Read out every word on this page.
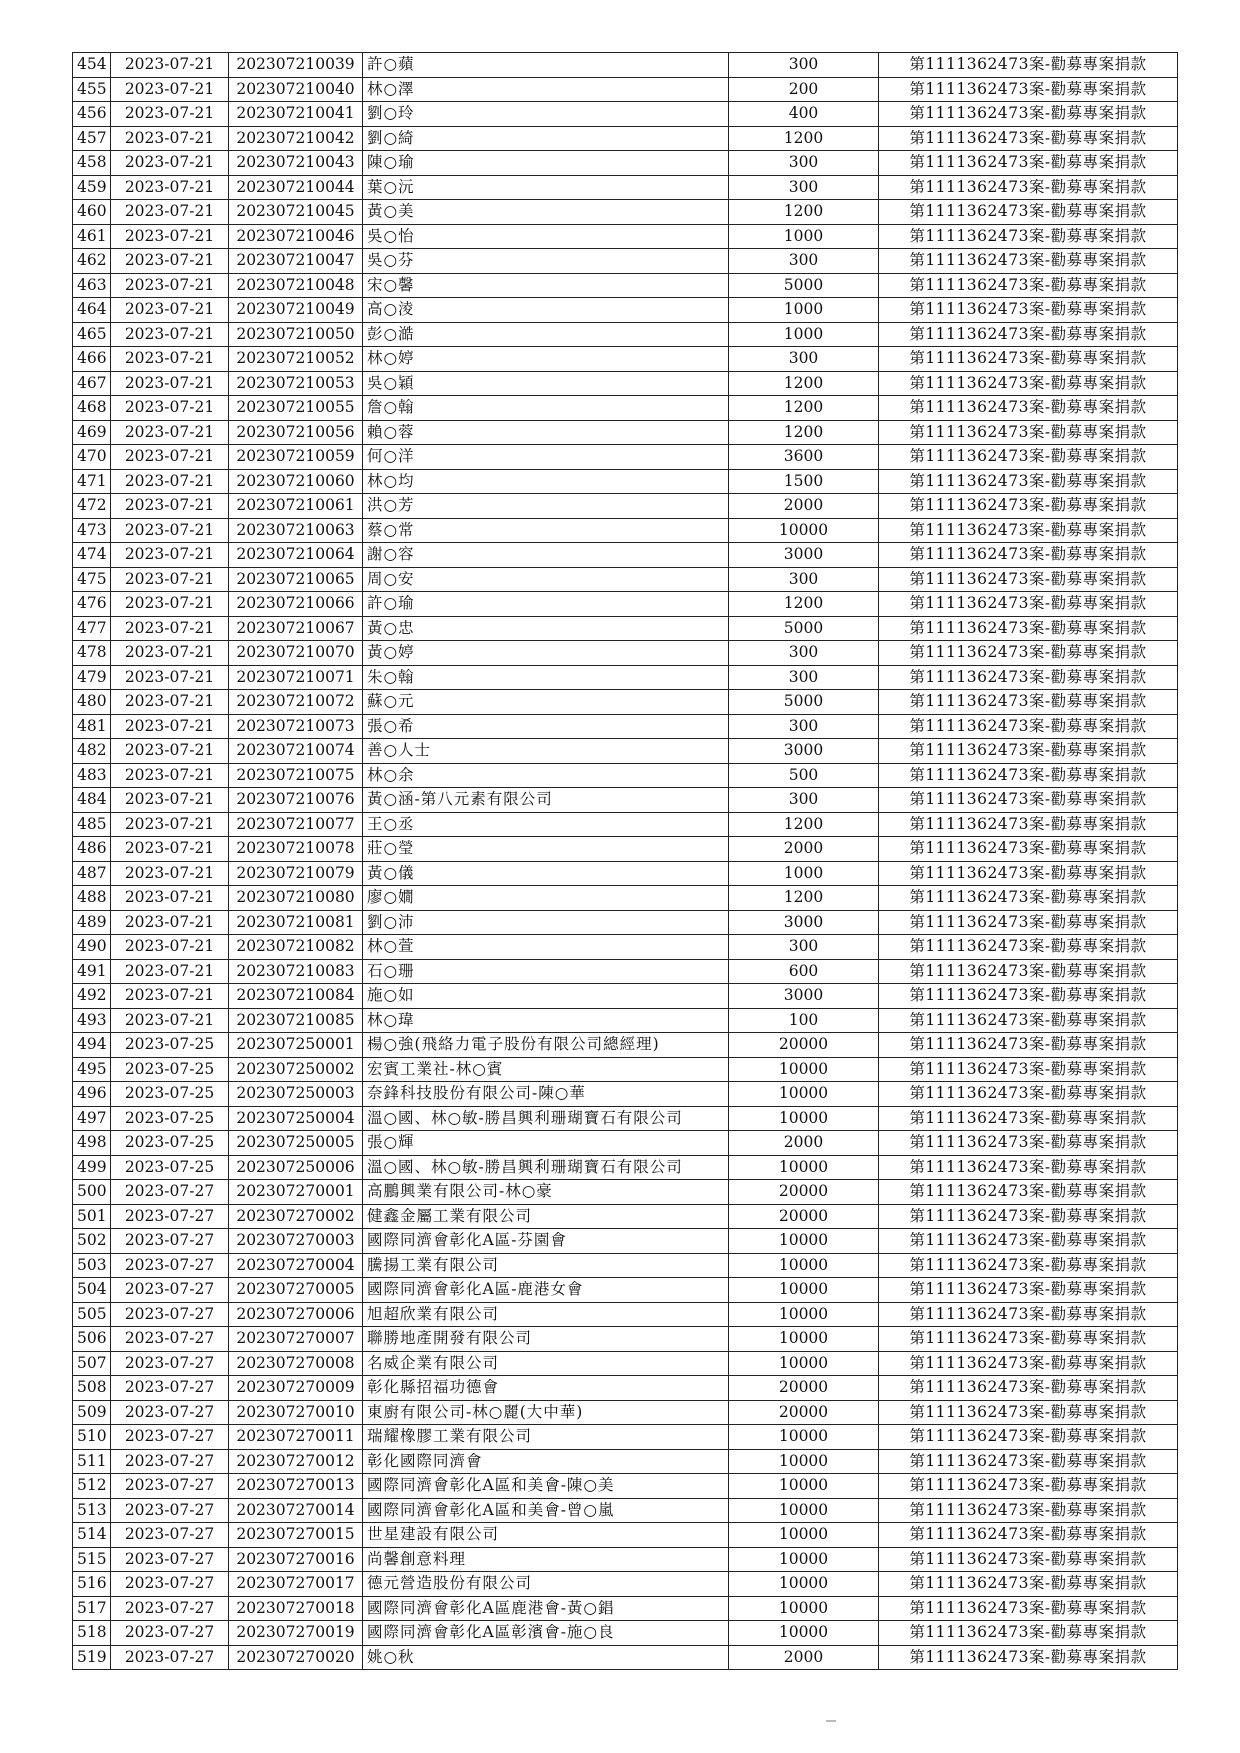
454	2023-07-21	202307210039	許○蘋	300	第1111362473案-勸募專案捐款
455	2023-07-21	202307210040	林○澤	200	第1111362473案-勸募專案捐款
456	2023-07-21	202307210041	劉○玲	400	第1111362473案-勸募專案捐款
457	2023-07-21	202307210042	劉○綺	1200	第1111362473案-勸募專案捐款
458	2023-07-21	202307210043	陳○瑜	300	第1111362473案-勸募專案捐款
459	2023-07-21	202307210044	葉○沅	300	第1111362473案-勸募專案捐款
460	2023-07-21	202307210045	黃○美	1200	第1111362473案-勸募專案捐款
461	2023-07-21	202307210046	吳○怡	1000	第1111362473案-勸募專案捐款
462	2023-07-21	202307210047	吳○芬	300	第1111362473案-勸募專案捐款
463	2023-07-21	202307210048	宋○馨	5000	第1111362473案-勸募專案捐款
464	2023-07-21	202307210049	高○淩	1000	第1111362473案-勸募專案捐款
465	2023-07-21	202307210050	彭○澔	1000	第1111362473案-勸募專案捐款
466	2023-07-21	202307210052	林○婷	300	第1111362473案-勸募專案捐款
467	2023-07-21	202307210053	吳○穎	1200	第1111362473案-勸募專案捐款
468	2023-07-21	202307210055	詹○翰	1200	第1111362473案-勸募專案捐款
469	2023-07-21	202307210056	賴○蓉	1200	第1111362473案-勸募專案捐款
470	2023-07-21	202307210059	何○洋	3600	第1111362473案-勸募專案捐款
471	2023-07-21	202307210060	林○均	1500	第1111362473案-勸募專案捐款
472	2023-07-21	202307210061	洪○芳	2000	第1111362473案-勸募專案捐款
473	2023-07-21	202307210063	蔡○常	10000	第1111362473案-勸募專案捐款
474	2023-07-21	202307210064	謝○容	3000	第1111362473案-勸募專案捐款
475	2023-07-21	202307210065	周○安	300	第1111362473案-勸募專案捐款
476	2023-07-21	202307210066	許○瑜	1200	第1111362473案-勸募專案捐款
477	2023-07-21	202307210067	黃○忠	5000	第1111362473案-勸募專案捐款
478	2023-07-21	202307210070	黃○婷	300	第1111362473案-勸募專案捐款
479	2023-07-21	202307210071	朱○翰	300	第1111362473案-勸募專案捐款
480	2023-07-21	202307210072	蘇○元	5000	第1111362473案-勸募專案捐款
481	2023-07-21	202307210073	張○希	300	第1111362473案-勸募專案捐款
482	2023-07-21	202307210074	善○人士	3000	第1111362473案-勸募專案捐款
483	2023-07-21	202307210075	林○余	500	第1111362473案-勸募專案捐款
484	2023-07-21	202307210076	黃○涵-第八元素有限公司	300	第1111362473案-勸募專案捐款
485	2023-07-21	202307210077	王○丞	1200	第1111362473案-勸募專案捐款
486	2023-07-21	202307210078	莊○瑩	2000	第1111362473案-勸募專案捐款
487	2023-07-21	202307210079	黃○儀	1000	第1111362473案-勸募專案捐款
488	2023-07-21	202307210080	廖○嫺	1200	第1111362473案-勸募專案捐款
489	2023-07-21	202307210081	劉○沛	3000	第1111362473案-勸募專案捐款
490	2023-07-21	202307210082	林○萱	300	第1111362473案-勸募專案捐款
491	2023-07-21	202307210083	石○珊	600	第1111362473案-勸募專案捐款
492	2023-07-21	202307210084	施○如	3000	第1111362473案-勸募專案捐款
493	2023-07-21	202307210085	林○瑋	100	第1111362473案-勸募專案捐款
494	2023-07-25	202307250001	楊○強(飛絡力電子股份有限公司總經理)	20000	第1111362473案-勸募專案捐款
495	2023-07-25	202307250002	宏賓工業社-林○賓	10000	第1111362473案-勸募專案捐款
496	2023-07-25	202307250003	奈鋒科技股份有限公司-陳○華	10000	第1111362473案-勸募專案捐款
497	2023-07-25	202307250004	溫○國、林○敏-勝昌興利珊瑚寶石有限公司	10000	第1111362473案-勸募專案捐款
498	2023-07-25	202307250005	張○輝	2000	第1111362473案-勸募專案捐款
499	2023-07-25	202307250006	溫○國、林○敏-勝昌興利珊瑚寶石有限公司	10000	第1111362473案-勸募專案捐款
500	2023-07-27	202307270001	高鵬興業有限公司-林○豪	20000	第1111362473案-勸募專案捐款
501	2023-07-27	202307270002	健鑫金屬工業有限公司	20000	第1111362473案-勸募專案捐款
502	2023-07-27	202307270003	國際同濟會彰化A區-芬園會	10000	第1111362473案-勸募專案捐款
503	2023-07-27	202307270004	騰揚工業有限公司	10000	第1111362473案-勸募專案捐款
504	2023-07-27	202307270005	國際同濟會彰化A區-鹿港女會	10000	第1111362473案-勸募專案捐款
505	2023-07-27	202307270006	旭超欣業有限公司	10000	第1111362473案-勸募專案捐款
506	2023-07-27	202307270007	聯勝地產開發有限公司	10000	第1111362473案-勸募專案捐款
507	2023-07-27	202307270008	名威企業有限公司	10000	第1111362473案-勸募專案捐款
508	2023-07-27	202307270009	彰化縣招福功德會	20000	第1111362473案-勸募專案捐款
509	2023-07-27	202307270010	東廚有限公司-林○麗(大中華)	20000	第1111362473案-勸募專案捐款
510	2023-07-27	202307270011	瑞耀橡膠工業有限公司	10000	第1111362473案-勸募專案捐款
511	2023-07-27	202307270012	彰化國際同濟會	10000	第1111362473案-勸募專案捐款
512	2023-07-27	202307270013	國際同濟會彰化A區和美會-陳○美	10000	第1111362473案-勸募專案捐款
513	2023-07-27	202307270014	國際同濟會彰化A區和美會-曾○嵐	10000	第1111362473案-勸募專案捐款
514	2023-07-27	202307270015	世星建設有限公司	10000	第1111362473案-勸募專案捐款
515	2023-07-27	202307270016	尚馨創意料理	10000	第1111362473案-勸募專案捐款
516	2023-07-27	202307270017	德元營造股份有限公司	10000	第1111362473案-勸募專案捐款
517	2023-07-27	202307270018	國際同濟會彰化A區鹿港會-黃○錩	10000	第1111362473案-勸募專案捐款
518	2023-07-27	202307270019	國際同濟會彰化A區彰濱會-施○良	10000	第1111362473案-勸募專案捐款
519	2023-07-27	202307270020	姚○秋	2000	第1111362473案-勸募專案捐款
